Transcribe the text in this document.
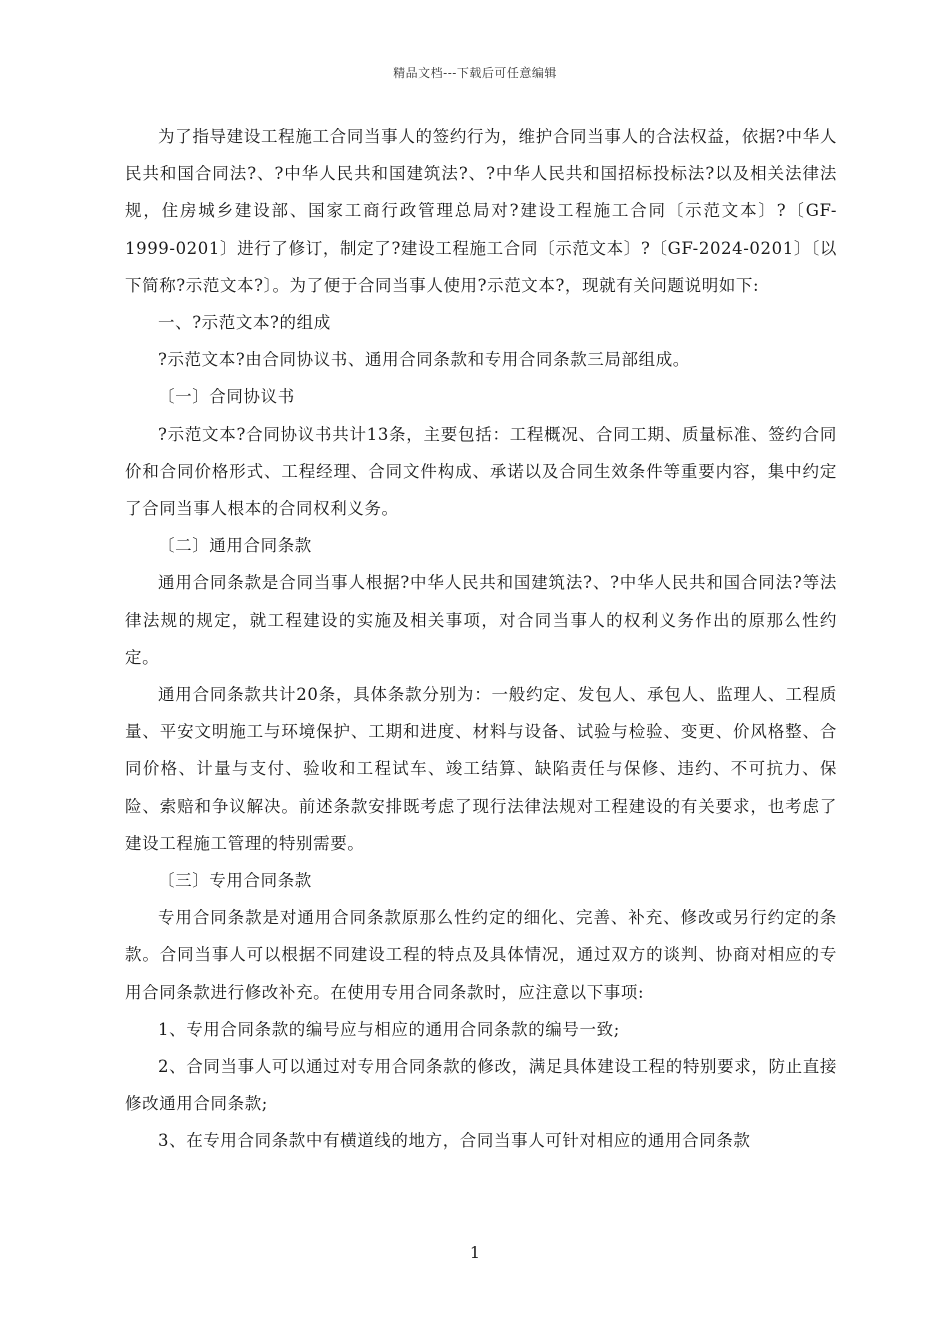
精品文档---下载后可任意编辑

为了指导建设工程施工合同当事人的签约行为，维护合同当事人的合法权益，依据?中华人民共和国合同法?、?中华人民共和国建筑法?、?中华人民共和国招标投标法?以及相关法律法规，住房城乡建设部、国家工商行政管理总局对?建设工程施工合同〔示范文本〕?〔GF-1999-0201〕进行了修订，制定了?建设工程施工合同〔示范文本〕?〔GF-2024-0201〕〔以下简称?示范文本?〕。为了便于合同当事人使用?示范文本?，现就有关问题说明如下:

一、?示范文本?的组成

?示范文本?由合同协议书、通用合同条款和专用合同条款三局部组成。

〔一〕合同协议书

?示范文本?合同协议书共计13条，主要包括：工程概况、合同工期、质量标准、签约合同价和合同价格形式、工程经理、合同文件构成、承诺以及合同生效条件等重要内容，集中约定了合同当事人根本的合同权利义务。

〔二〕通用合同条款

通用合同条款是合同当事人根据?中华人民共和国建筑法?、?中华人民共和国合同法?等法律法规的规定，就工程建设的实施及相关事项，对合同当事人的权利义务作出的原那么性约定。

通用合同条款共计20条，具体条款分别为：一般约定、发包人、承包人、监理人、工程质量、平安文明施工与环境保护、工期和进度、材料与设备、试验与检验、变更、价风格整、合同价格、计量与支付、验收和工程试车、竣工结算、缺陷责任与保修、违约、不可抗力、保险、索赔和争议解决。前述条款安排既考虑了现行法律法规对工程建设的有关要求，也考虑了建设工程施工管理的特别需要。

〔三〕专用合同条款

专用合同条款是对通用合同条款原那么性约定的细化、完善、补充、修改或另行约定的条款。合同当事人可以根据不同建设工程的特点及具体情况，通过双方的谈判、协商对相应的专用合同条款进行修改补充。在使用专用合同条款时，应注意以下事项:

1、专用合同条款的编号应与相应的通用合同条款的编号一致;

2、合同当事人可以通过对专用合同条款的修改，满足具体建设工程的特别要求，防止直接修改通用合同条款;

3、在专用合同条款中有横道线的地方，合同当事人可针对相应的通用合同条款

1
